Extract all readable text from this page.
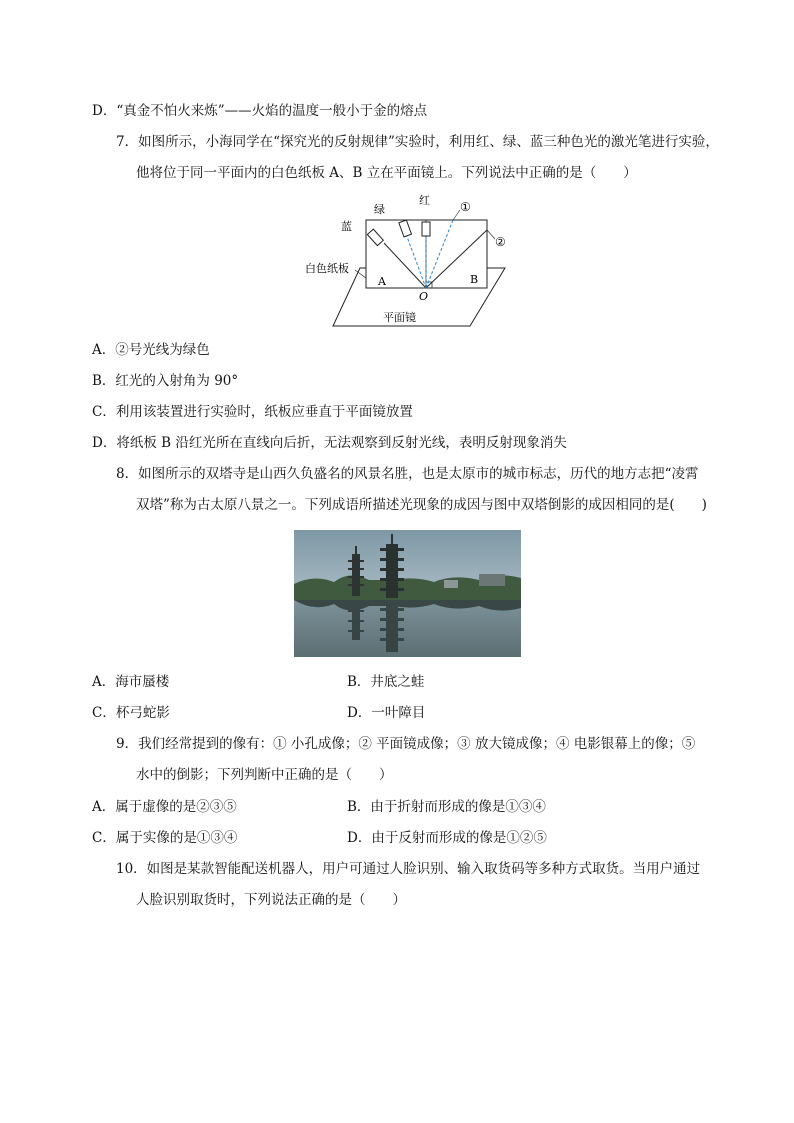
D．“真金不怕火来炼”——火焰的温度一般小于金的熔点
7．如图所示，小海同学在“探究光的反射规律”实验时，利用红、绿、蓝三种色光的激光笔进行实验，
他将位于同一平面内的白色纸板 A、B 立在平面镜上。下列说法中正确的是（　　）
蓝
绿
红	①
②
白色纸板
A	B
O
平面镜
A．②号光线为绿色
B．红光的入射角为 90°
C．利用该装置进行实验时，纸板应垂直于平面镜放置
D．将纸板 B 沿红光所在直线向后折，无法观察到反射光线，表明反射现象消失
8．如图所示的双塔寺是山西久负盛名的风景名胜，也是太原市的城市标志，历代的地方志把“凌霄
双塔”称为古太原八景之一。下列成语所描述光现象的成因与图中双塔倒影的成因相同的是(　　)
A．海市蜃楼	B．井底之蛙
C．杯弓蛇影	D．一叶障目
9．我们经常提到的像有：① 小孔成像；② 平面镜成像；③ 放大镜成像；④ 电影银幕上的像；⑤
水中的倒影；下列判断中正确的是（　　）
A．属于虚像的是②③⑤	B．由于折射而形成的像是①③④
C．属于实像的是①③④	D．由于反射而形成的像是①②⑤
10．如图是某款智能配送机器人，用户可通过人脸识别、输入取货码等多种方式取货。当用户通过
人脸识别取货时，下列说法正确的是（　　）
